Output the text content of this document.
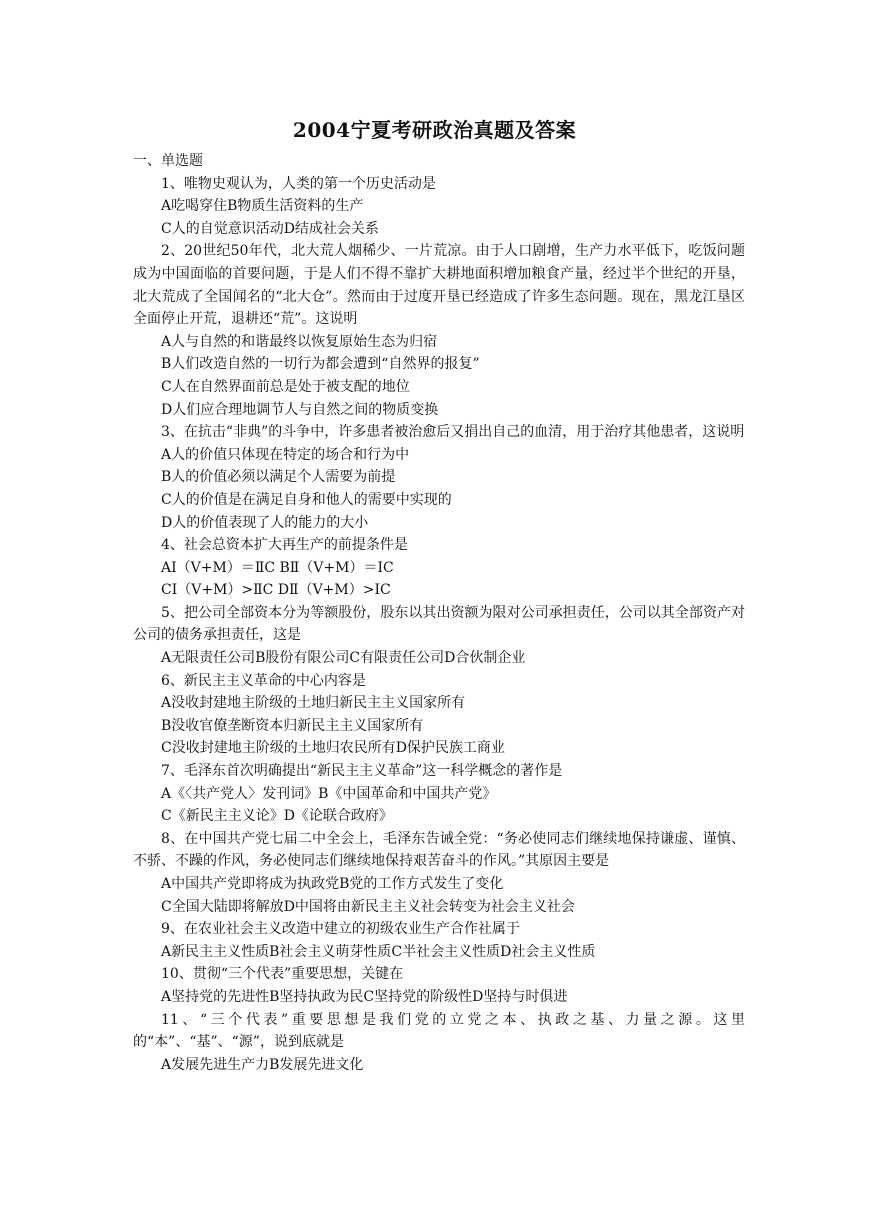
2004宁夏考研政治真题及答案
一、单选题
1、唯物史观认为，人类的第一个历史活动是
A吃喝穿住B物质生活资料的生产
C人的自觉意识活动D结成社会关系
2、20世纪50年代，北大荒人烟稀少、一片荒凉。由于人口剧增，生产力水平低下，吃饭问题成为中国面临的首要问题，于是人们不得不靠扩大耕地面积增加粮食产量，经过半个世纪的开垦，北大荒成了全国闻名的“北大仓”。然而由于过度开垦已经造成了许多生态问题。现在，黑龙江垦区全面停止开荒，退耕还“荒”。这说明
A人与自然的和谐最终以恢复原始生态为归宿
B人们改造自然的一切行为都会遭到“自然界的报复”
C人在自然界面前总是处于被支配的地位
D人们应合理地调节人与自然之间的物质变换
3、在抗击“非典”的斗争中，许多患者被治愈后又捐出自己的血清，用于治疗其他患者，这说明
A人的价值只体现在特定的场合和行为中
B人的价值必须以满足个人需要为前提
C人的价值是在满足自身和他人的需要中实现的
D人的价值表现了人的能力的大小
4、社会总资本扩大再生产的前提条件是
AⅠ（V+M）＝ⅡC BⅡ（V+M）＝ⅠC
CⅠ（V+M）>ⅡC DⅡ（V+M）>ⅠC
5、把公司全部资本分为等额股份，股东以其出资额为限对公司承担责任，公司以其全部资产对公司的债务承担责任，这是
A无限责任公司B股份有限公司C有限责任公司D合伙制企业
6、新民主主义革命的中心内容是
A没收封建地主阶级的土地归新民主主义国家所有
B没收官僚垄断资本归新民主主义国家所有
C没收封建地主阶级的土地归农民所有D保护民族工商业
7、毛泽东首次明确提出“新民主主义革命”这一科学概念的著作是
A《〈共产党人〉发刊词》B《中国革命和中国共产党》
C《新民主主义论》D《论联合政府》
8、在中国共产党七届二中全会上，毛泽东告诫全党：“务必使同志们继续地保持谦虚、谨慎、不骄、不躁的作风，务必使同志们继续地保持艰苦奋斗的作风。”其原因主要是
A中国共产党即将成为执政党B党的工作方式发生了变化
C全国大陆即将解放D中国将由新民主主义社会转变为社会主义社会
9、在农业社会主义改造中建立的初级农业生产合作社属于
A新民主主义性质B社会主义萌芽性质C半社会主义性质D社会主义性质
10、贯彻“三个代表”重要思想，关键在
A坚持党的先进性B坚持执政为民C坚持党的阶级性D坚持与时俱进
11、“三个代表”重要思想是我们党的立党之本、执政之基、力量之源。这里的“本”、“基”、“源”，说到底就是
A发展先进生产力B发展先进文化
